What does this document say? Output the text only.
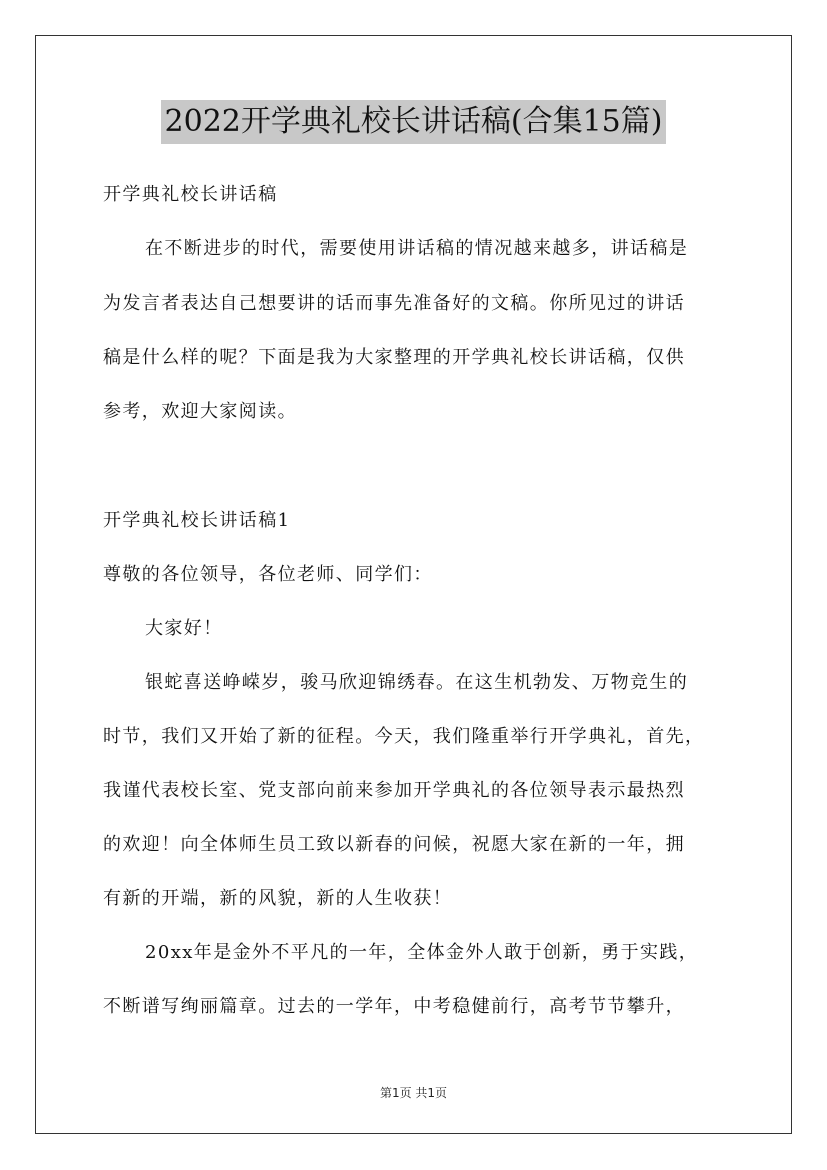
2022开学典礼校长讲话稿(合集15篇)
开学典礼校长讲话稿
在不断进步的时代，需要使用讲话稿的情况越来越多，讲话稿是
为发言者表达自己想要讲的话而事先准备好的文稿。你所见过的讲话
稿是什么样的呢？下面是我为大家整理的开学典礼校长讲话稿，仅供
参考，欢迎大家阅读。
开学典礼校长讲话稿1
尊敬的各位领导，各位老师、同学们：
大家好！
银蛇喜送峥嵘岁，骏马欣迎锦绣春。在这生机勃发、万物竞生的
时节，我们又开始了新的征程。今天，我们隆重举行开学典礼，首先，
我谨代表校长室、党支部向前来参加开学典礼的各位领导表示最热烈
的欢迎！向全体师生员工致以新春的问候，祝愿大家在新的一年，拥
有新的开端，新的风貌，新的人生收获！
20xx年是金外不平凡的一年，全体金外人敢于创新，勇于实践，
不断谱写绚丽篇章。过去的一学年，中考稳健前行，高考节节攀升，
第1页 共1页
